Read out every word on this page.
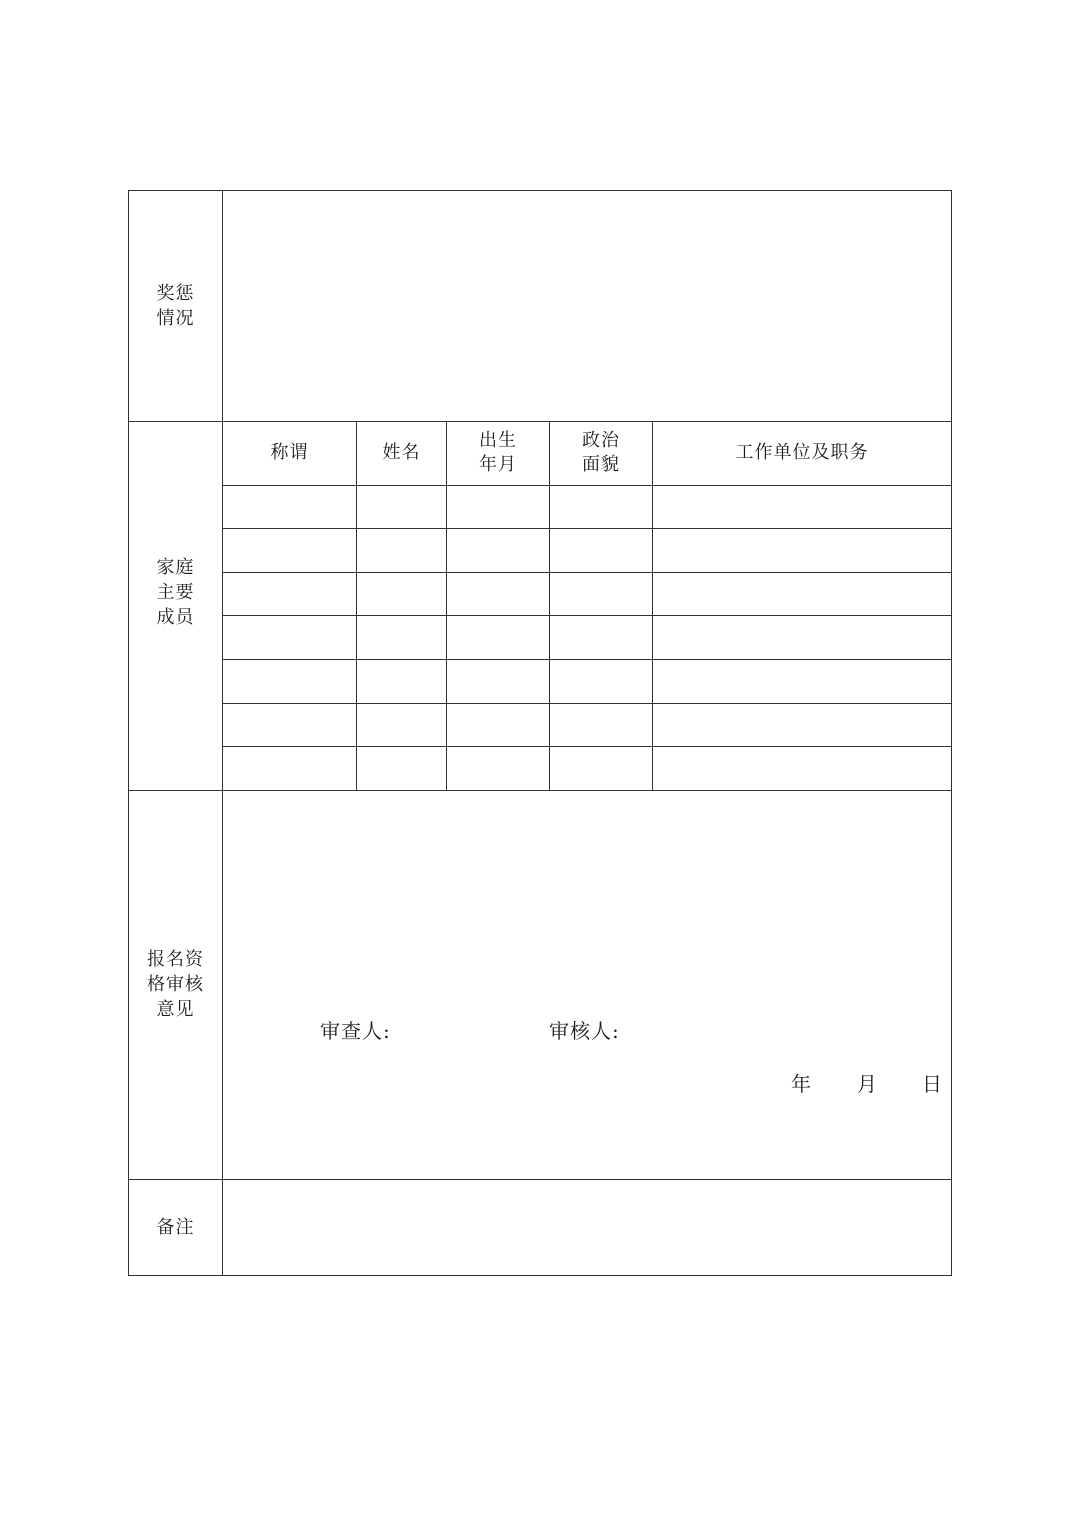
奖惩
情况
家庭
主要
成员
报名资
格审核
意见
备注
称谓	姓名
出生
年月
政治
面貌
工作单位及职务
审查人:	审核人:
年 月 日
